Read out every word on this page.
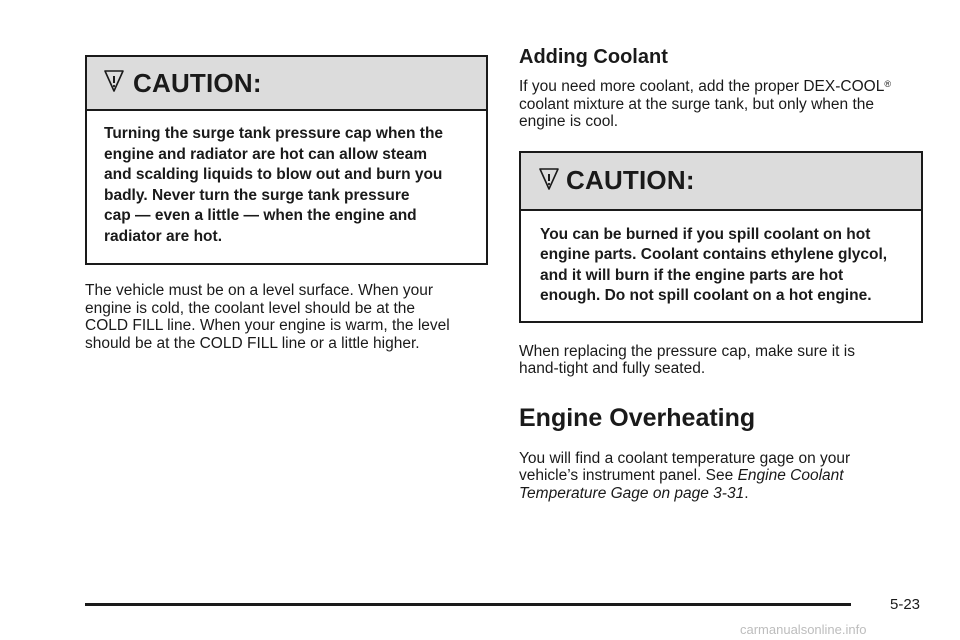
CAUTION:
Turning the surge tank pressure cap when the
engine and radiator are hot can allow steam
and scalding liquids to blow out and burn you
badly. Never turn the surge tank pressure
cap — even a little — when the engine and
radiator are hot.

The vehicle must be on a level surface. When your
engine is cold, the coolant level should be at the
COLD FILL line. When your engine is warm, the level
should be at the COLD FILL line or a little higher.

Adding Coolant

If you need more coolant, add the proper DEX-COOL®
coolant mixture at the surge tank, but only when the
engine is cool.

CAUTION:
You can be burned if you spill coolant on hot
engine parts. Coolant contains ethylene glycol,
and it will burn if the engine parts are hot
enough. Do not spill coolant on a hot engine.

When replacing the pressure cap, make sure it is
hand-tight and fully seated.

Engine Overheating

You will find a coolant temperature gage on your
vehicle’s instrument panel. See Engine Coolant
Temperature Gage on page 3-31.

5-23
carmanualsonline.info
